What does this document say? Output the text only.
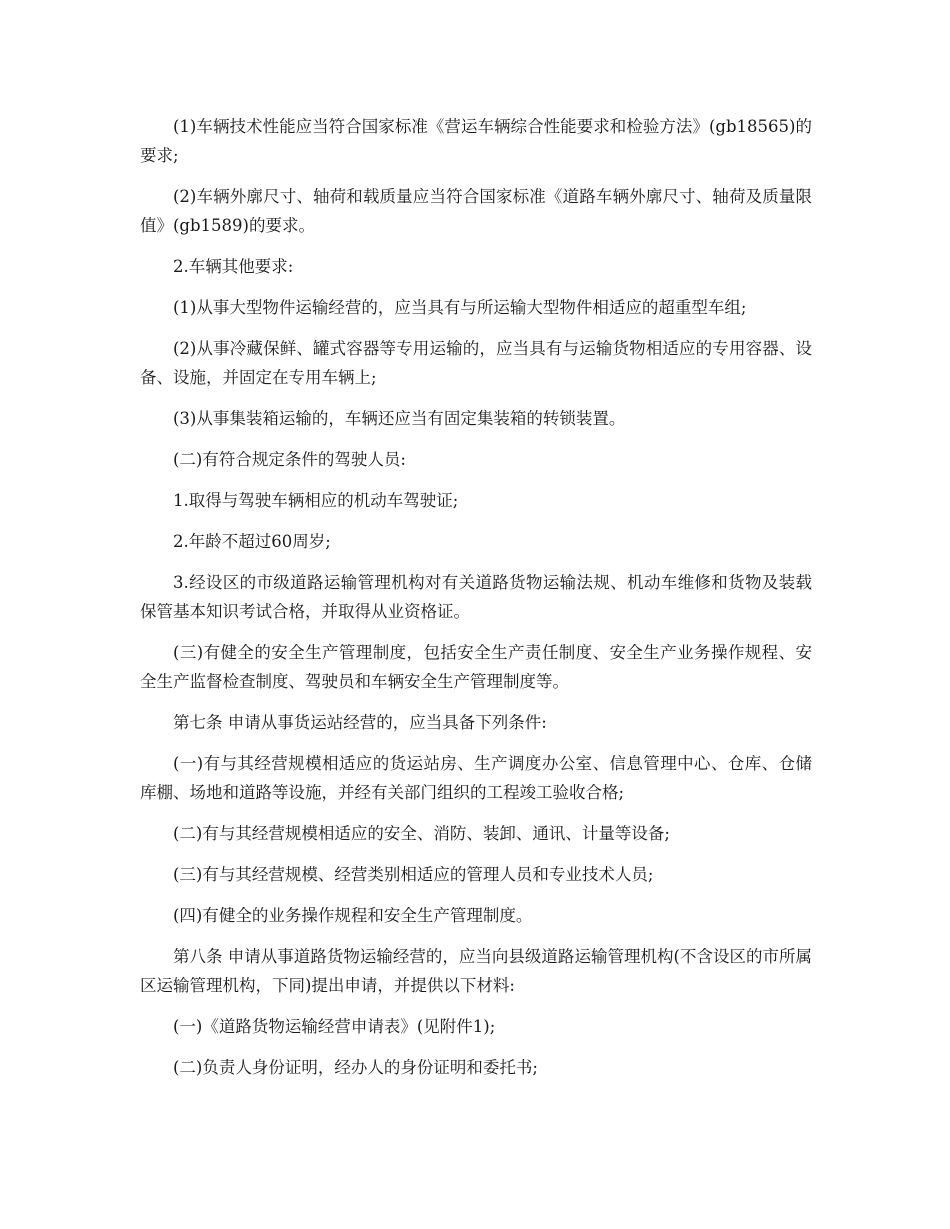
(1)车辆技术性能应当符合国家标准《营运车辆综合性能要求和检验方法》(gb18565)的要求;

(2)车辆外廓尺寸、轴荷和载质量应当符合国家标准《道路车辆外廓尺寸、轴荷及质量限值》(gb1589)的要求。

2.车辆其他要求:

(1)从事大型物件运输经营的，应当具有与所运输大型物件相适应的超重型车组;

(2)从事冷藏保鲜、罐式容器等专用运输的，应当具有与运输货物相适应的专用容器、设备、设施，并固定在专用车辆上;

(3)从事集装箱运输的，车辆还应当有固定集装箱的转锁装置。

(二)有符合规定条件的驾驶人员:

1.取得与驾驶车辆相应的机动车驾驶证;

2.年龄不超过60周岁;

3.经设区的市级道路运输管理机构对有关道路货物运输法规、机动车维修和货物及装载保管基本知识考试合格，并取得从业资格证。

(三)有健全的安全生产管理制度，包括安全生产责任制度、安全生产业务操作规程、安全生产监督检查制度、驾驶员和车辆安全生产管理制度等。

第七条 申请从事货运站经营的，应当具备下列条件:

(一)有与其经营规模相适应的货运站房、生产调度办公室、信息管理中心、仓库、仓储库棚、场地和道路等设施，并经有关部门组织的工程竣工验收合格;

(二)有与其经营规模相适应的安全、消防、装卸、通讯、计量等设备;

(三)有与其经营规模、经营类别相适应的管理人员和专业技术人员;

(四)有健全的业务操作规程和安全生产管理制度。

第八条 申请从事道路货物运输经营的，应当向县级道路运输管理机构(不含设区的市所属区运输管理机构，下同)提出申请，并提供以下材料:

(一)《道路货物运输经营申请表》(见附件1);

(二)负责人身份证明，经办人的身份证明和委托书;
